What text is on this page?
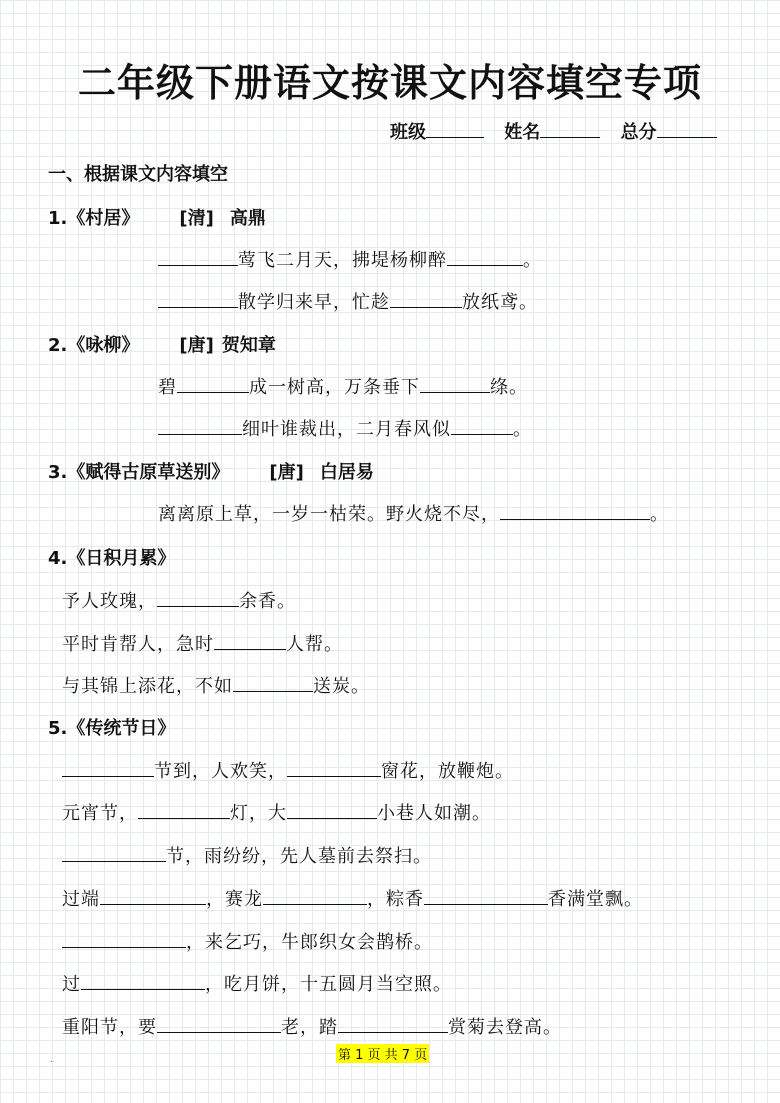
二年级下册语文按课文内容填空专项
班级	姓名	总分
一、根据课文内容填空
1.《村居》 [清] 高鼎
莺飞二月天，拂堤杨柳醉	。
散学归来早，忙趁	放纸鸢。
2.《咏柳》 [唐] 贺知章
碧	成一树高，万条垂下	绦。
细叶谁裁出，二月春风似	。
3.《赋得古原草送别》 [唐] 白居易
离离原上草，一岁一枯荣。野火烧不尽，	。
4.《日积月累》
予人玫瑰，	余香。
平时肯帮人，急时	人帮。
与其锦上添花，不如	送炭。
5.《传统节日》
节到，人欢笑，	窗花，放鞭炮。
元宵节，	灯，大	小巷人如潮。
节，雨纷纷，先人墓前去祭扫。
过端	，赛龙	，粽香	香满堂飘。
，来乞巧，牛郎织女会鹊桥。
过	，吃月饼，十五圆月当空照。
重阳节，要	老，踏	赏菊去登高。
.	第 1 页 共 7 页
